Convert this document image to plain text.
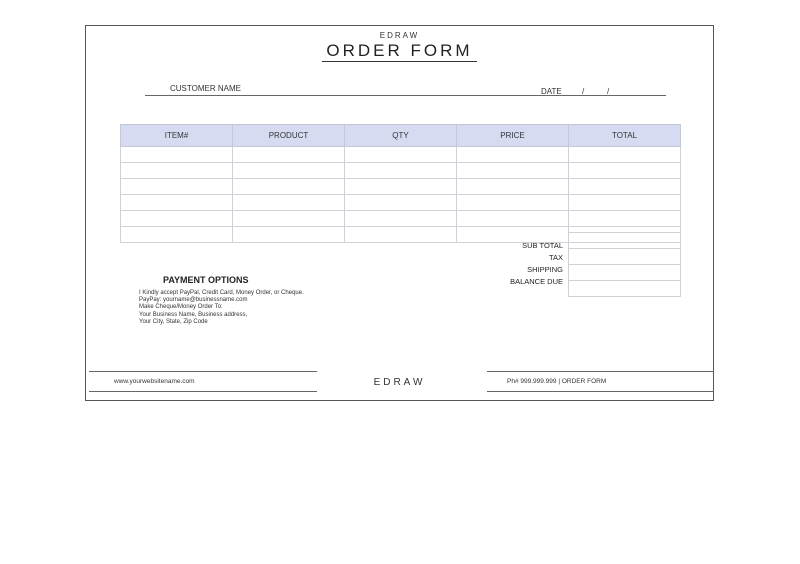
EDRAW
ORDER FORM
CUSTOMER NAME	DATE	/	/
ITEM#	PRODUCT	QTY	PRICE	TOTAL

SUB TOTAL
TAX
SHIPPING
BALANCE DUE
PAYMENT OPTIONS
I Kindly accept PayPal, Credit Card, Money Order, or Cheque.
PayPay: yourname@businessname.com
Make Cheque/Money Order To:
Your Business Name, Business address,
Your City, State, Zip Code
www.yourwebsitename.com	EDRAW	Ph# 999.999.999 | ORDER FORM
